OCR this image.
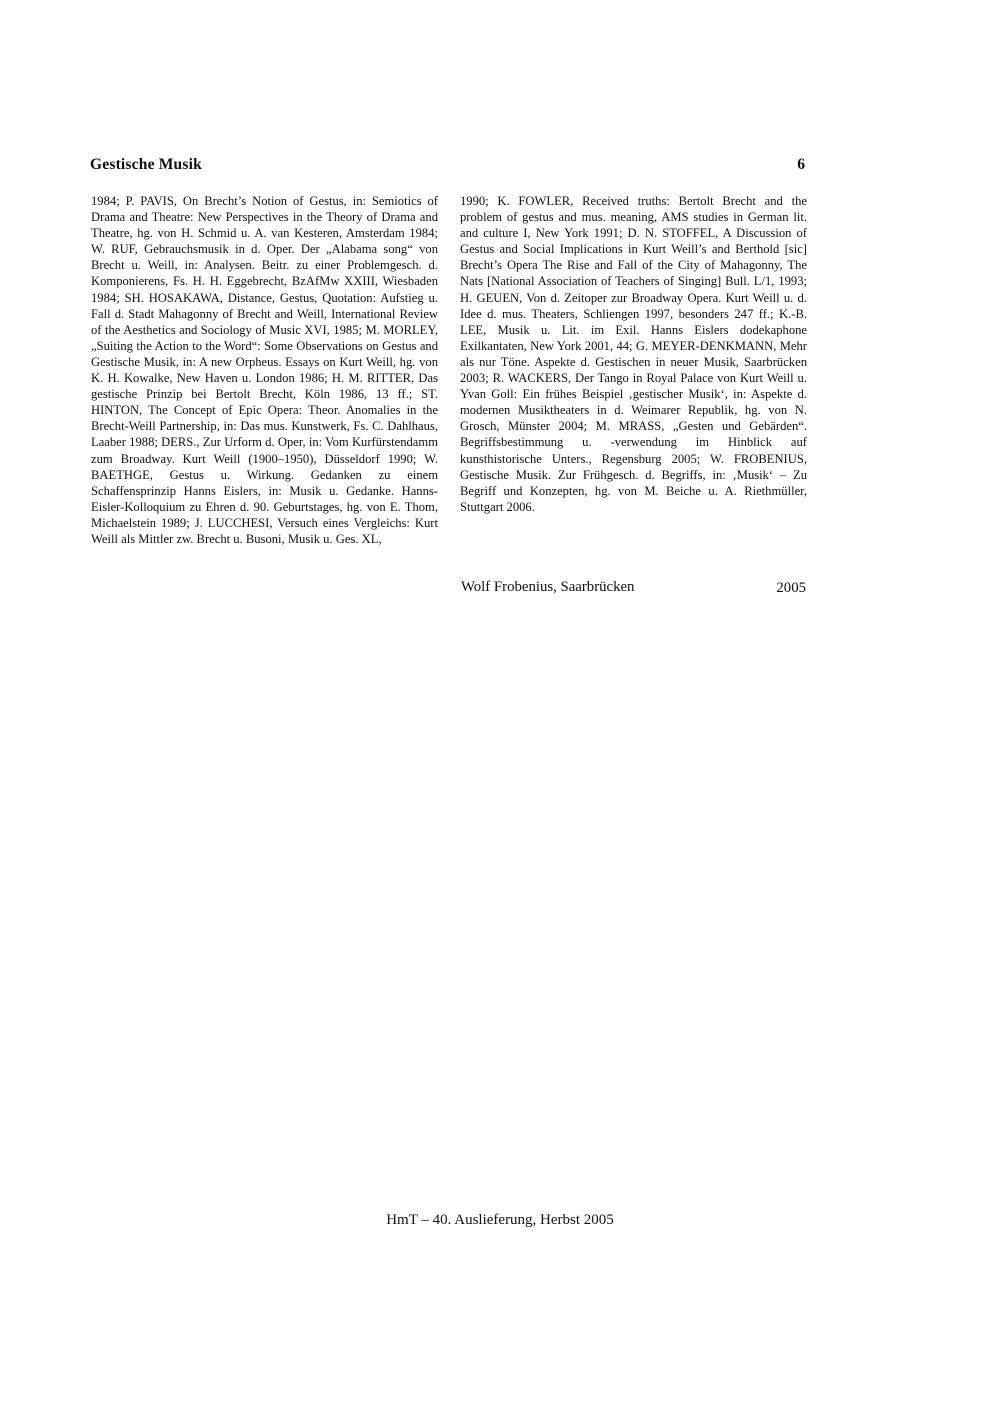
Gestische Musik	6
1984; P. PAVIS, On Brecht’s Notion of Gestus, in: Semiotics of Drama and Theatre: New Perspectives in the Theory of Drama and Theatre, hg. von H. Schmid u. A. van Kesteren, Amsterdam 1984; W. RUF, Gebrauchsmusik in d. Oper. Der „Alabama song“ von Brecht u. Weill, in: Analysen. Beitr. zu einer Problemgesch. d. Komponierens, Fs. H. H. Eggebrecht, BzAfMw XXIII, Wiesbaden 1984; SH. HOSAKAWA, Distance, Gestus, Quotation: Aufstieg u. Fall d. Stadt Mahagonny of Brecht and Weill, International Review of the Aesthetics and Sociology of Music XVI, 1985; M. MORLEY, „Suiting the Action to the Word“: Some Observations on Gestus and Gestische Musik, in: A new Orpheus. Essays on Kurt Weill, hg. von K. H. Kowalke, New Haven u. London 1986; H. M. RITTER, Das gestische Prinzip bei Bertolt Brecht, Köln 1986, 13 ff.; ST. HINTON, The Concept of Epic Opera: Theor. Anomalies in the Brecht-Weill Partnership, in: Das mus. Kunstwerk, Fs. C. Dahlhaus, Laaber 1988; DERS., Zur Urform d. Oper, in: Vom Kurfürstendamm zum Broadway. Kurt Weill (1900–1950), Düsseldorf 1990; W. BAETHGE, Gestus u. Wirkung. Gedanken zu einem Schaffensprinzip Hanns Eislers, in: Musik u. Gedanke. Hanns-Eisler-Kolloquium zu Ehren d. 90. Geburtstages, hg. von E. Thom, Michaelstein 1989; J. LUCCHESI, Versuch eines Vergleichs: Kurt Weill als Mittler zw. Brecht u. Busoni, Musik u. Ges. XL,
1990; K. FOWLER, Received truths: Bertolt Brecht and the problem of gestus and mus. meaning, AMS studies in German lit. and culture I, New York 1991; D. N. STOFFEL, A Discussion of Gestus and Social Implications in Kurt Weill’s and Berthold [sic] Brecht’s Opera The Rise and Fall of the City of Mahagonny, The Nats [National Association of Teachers of Singing] Bull. L/1, 1993; H. GEUEN, Von d. Zeitoper zur Broadway Opera. Kurt Weill u. d. Idee d. mus. Theaters, Schliengen 1997, besonders 247 ff.; K.-B. LEE, Musik u. Lit. im Exil. Hanns Eislers dodekaphone Exilkantaten, New York 2001, 44; G. MEYER-DENKMANN, Mehr als nur Töne. Aspekte d. Gestischen in neuer Musik, Saarbrücken 2003; R. WACKERS, Der Tango in Royal Palace von Kurt Weill u. Yvan Goll: Ein frühes Beispiel ‚gestischer Musik‘, in: Aspekte d. modernen Musiktheaters in d. Weimarer Republik, hg. von N. Grosch, Münster 2004; M. MRASS, „Gesten und Gebärden“. Begriffsbestimmung u. -verwendung im Hinblick auf kunsthistorische Unters., Regensburg 2005; W. FROBENIUS, Gestische Musik. Zur Frühgesch. d. Begriffs, in: ‚Musik‘ – Zu Begriff und Konzepten, hg. von M. Beiche u. A. Riethmüller, Stuttgart 2006.
Wolf Frobenius, Saarbrücken	2005
HmT – 40. Auslieferung, Herbst 2005
